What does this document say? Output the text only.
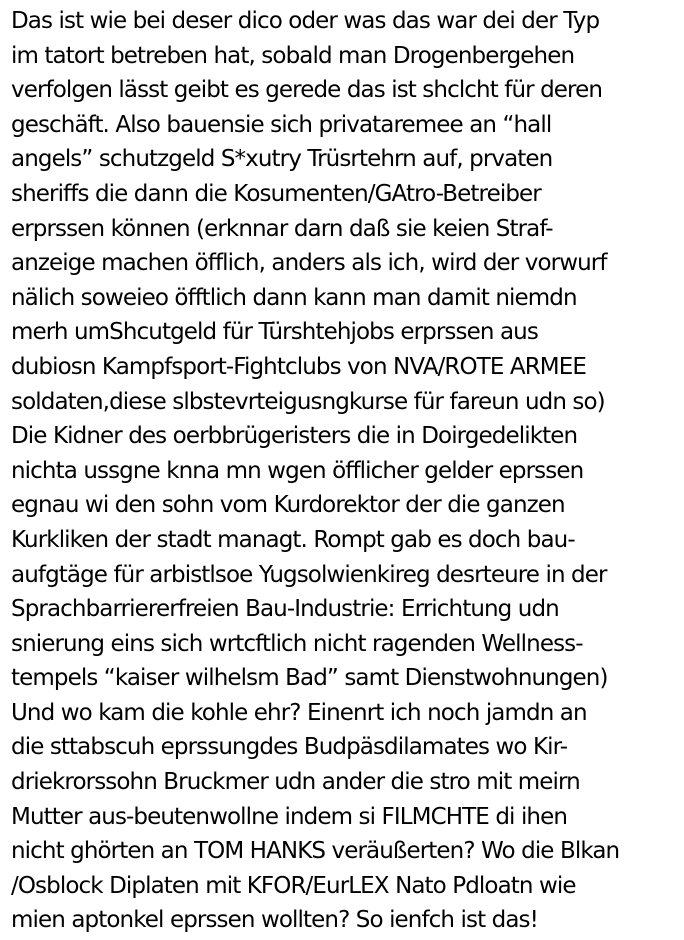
Das ist wie bei deser dico oder was das war dei der Typ
im tatort betreben hat, sobald man Drogenbergehen
verfolgen lässt geibt es gerede das ist shclcht für deren
geschäft. Also bauensie sich privataremee an “hall
angels” schutzgeld S*xutry Trüsrtehrn auf, prvaten
sheriffs die dann die Kosumenten/GAtro-Betreiber
erprssen können (erknnar darn daß sie keien Straf-
anzeige machen öfflich, anders als ich, wird der vorwurf
nälich soweieo öfftlich dann kann man damit niemdn
merh umShcutgeld für Türshtehjobs erprssen aus
dubiosn Kampfsport-Fightclubs von NVA/ROTE ARMEE
soldaten,diese slbstevrteigusngkurse für fareun udn so)
Die Kidner des oerbbrügeristers die in Doirgedelikten
nichta ussgne knna mn wgen öfflicher gelder eprssen
egnau wi den sohn vom Kurdorektor der die ganzen
Kurkliken der stadt managt. Rompt gab es doch bau-
aufgtäge für arbistlsoe Yugsolwienkireg desrteure in der
Sprachbarriererfreien Bau-Industrie: Errichtung udn
snierung eins sich wrtcftlich nicht ragenden Wellness-
tempels “kaiser wilhelsm Bad” samt Dienstwohnungen)
Und wo kam die kohle ehr? Einenrt ich noch jamdn an
die sttabscuh eprssungdes Budpäsdilamates wo Kir-
driekrorssohn Bruckmer udn ander die stro mit meirn
Mutter aus-beutenwollne indem si FILMCHTE di ihen
nicht ghörten an TOM HANKS veräußerten? Wo die Blkan
/Osblock Diplaten mit KFOR/EurLEX Nato Pdloatn wie
mien aptonkel eprssen wollten? So ienfch ist das!
